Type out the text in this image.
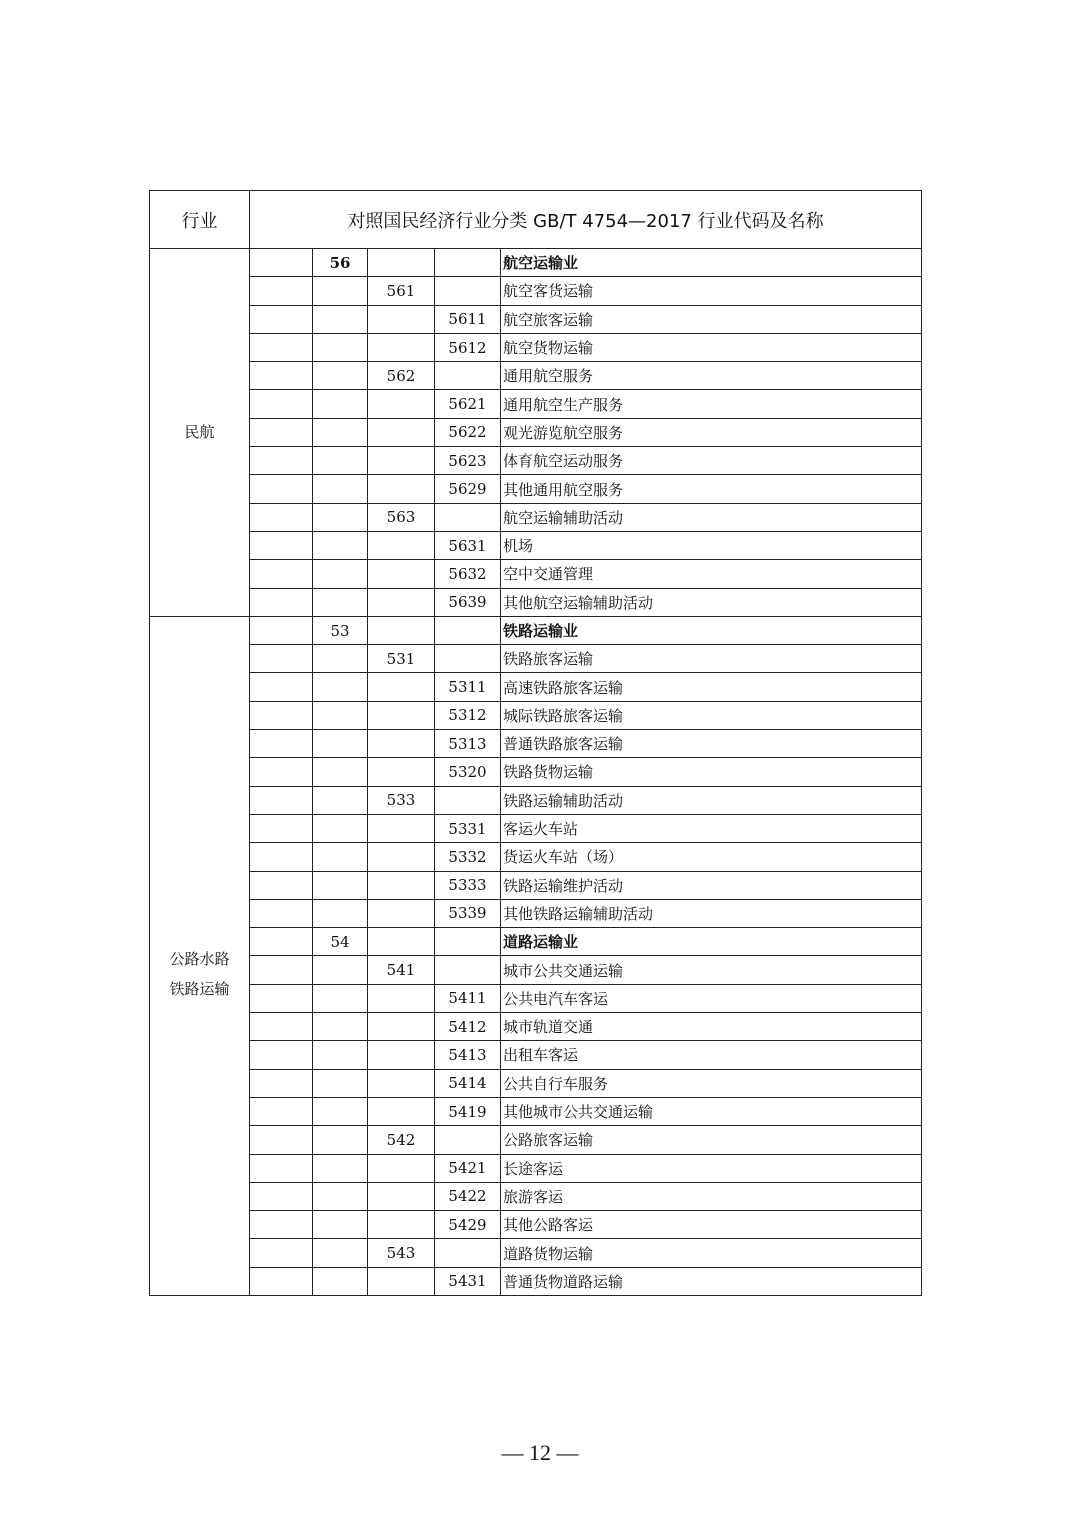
行业	对照国民经济行业分类 GB/T 4754—2017 行业代码及名称				
民航		56			航空运输业
			561		航空客货运输
				5611	航空旅客运输
				5612	航空货物运输
			562		通用航空服务
				5621	通用航空生产服务
				5622	观光游览航空服务
				5623	体育航空运动服务
				5629	其他通用航空服务
			563		航空运输辅助活动
				5631	机场
				5632	空中交通管理
				5639	其他航空运输辅助活动

公路水路
铁路运输		53			铁路运输业
			531		铁路旅客运输
				5311	高速铁路旅客运输
				5312	城际铁路旅客运输
				5313	普通铁路旅客运输
				5320	铁路货物运输
			533		铁路运输辅助活动
				5331	客运火车站
				5332	货运火车站（场）
				5333	铁路运输维护活动
				5339	其他铁路运输辅助活动
		54			道路运输业
			541		城市公共交通运输
				5411	公共电汽车客运
				5412	城市轨道交通
				5413	出租车客运
				5414	公共自行车服务
				5419	其他城市公共交通运输
			542		公路旅客运输
				5421	长途客运
				5422	旅游客运
				5429	其他公路客运
			543		道路货物运输
				5431	普通货物道路运输
— 12 —
